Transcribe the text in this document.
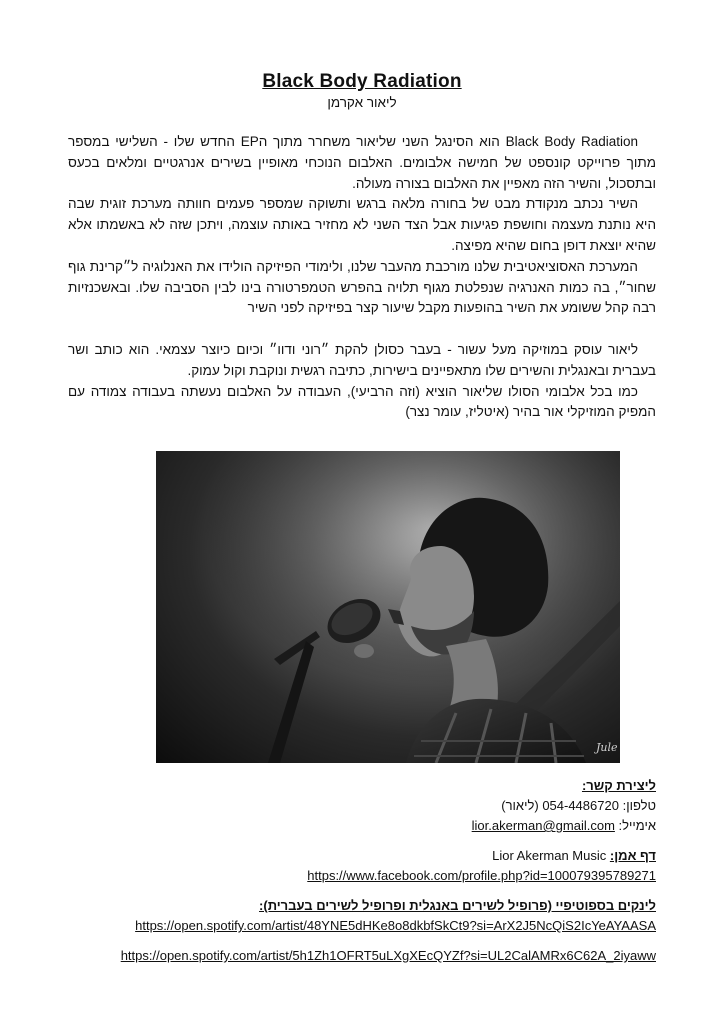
Black Body Radiation
ליאור אקרמן

Black Body Radiation הוא הסינגל השני שליאור משחרר מתוך הEP החדש שלו - השלישי במספר מתוך פרוייקט קונספט של חמישה אלבומים. האלבום הנוכחי מאופיין בשירים אנרגטיים ומלאים בכעס ובתסכול, והשיר הזה מאפיין את האלבום בצורה מעולה.

השיר נכתב מנקודת מבט של בחורה מלאה ברגש ותשוקה שמספר פעמים חוותה מערכת זוגית שבה היא נותנת מעצמה וחושפת פגיעות אבל הצד השני לא מחזיר באותה עוצמה, ויתכן שזה לא באשמתו אלא שהיא יוצאת דופן בחום שהיא מפיצה.

המערכת האסוציאטיבית שלנו מורכבת מהעבר שלנו, ולימודי הפיזיקה הולידו את האנלוגיה ל״קרינת גוף שחור״, בה כמות האנרגיה שנפלטת מגוף תלויה בהפרש הטמפרטורה בינו לבין הסביבה שלו. ובאשכנזיות רבה קהל ששומע את השיר בהופעות מקבל שיעור קצר בפיזיקה לפני השיר

ליאור עוסק במוזיקה מעל עשור - בעבר כסולן להקת ״רוני ודוו״ וכיום כיוצר עצמאי. הוא כותב ושר בעברית ובאנגלית והשירים שלו מתאפיינים בישירות, כתיבה רגשית ונוקבת וקול עמוק.

כמו בכל אלבומי הסולו שליאור הוציא (וזה הרביעי), העבודה על האלבום נעשתה בעבודה צמודה עם המפיק המוזיקלי אור בהיר (איטליז, עומר נצר)

Jule
ליצירת קשר:
טלפון: 054-4486720 (ליאור)
אימייל: lior.akerman@gmail.com
דף אמן: Lior Akerman Music
https://www.facebook.com/profile.php?id=100079395789271
לינקים בספוטיפיי (פרופיל לשירים באנגלית ופרופיל לשירים בעברית):
https://open.spotify.com/artist/48YNE5dHKe8o8dkbfSkCt9?si=ArX2J5NcQiS2IcYeAYAASA
https://open.spotify.com/artist/5h1Zh1OFRT5uLXgXEcQYZf?si=UL2CalAMRx6C62A_2iyaww
